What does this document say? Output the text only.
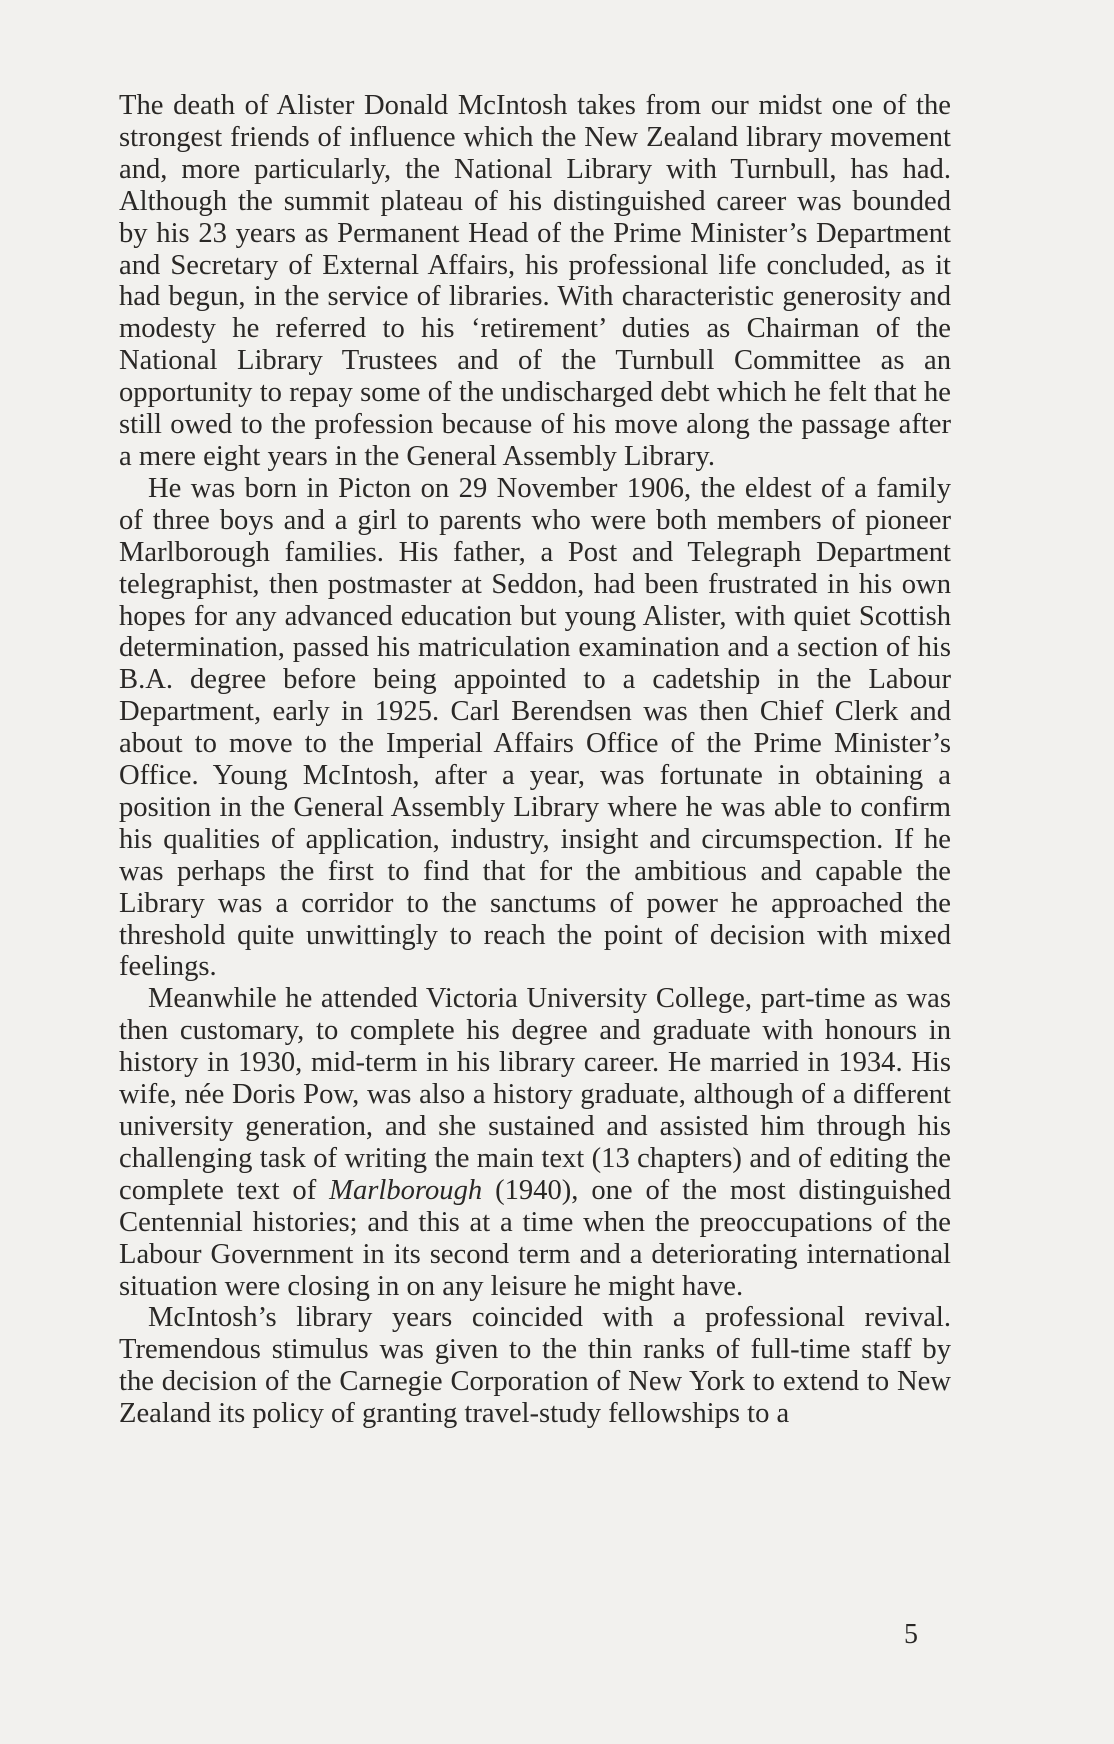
The death of Alister Donald McIntosh takes from our midst one of the strongest friends of influence which the New Zealand library movement and, more particularly, the National Library with Turnbull, has had. Although the summit plateau of his distinguished career was bounded by his 23 years as Permanent Head of the Prime Minister’s Department and Secretary of External Affairs, his professional life concluded, as it had begun, in the service of libraries. With characteristic generosity and modesty he referred to his ‘retirement’ duties as Chairman of the National Library Trustees and of the Turnbull Committee as an opportunity to repay some of the undischarged debt which he felt that he still owed to the profession because of his move along the passage after a mere eight years in the General Assembly Library.

He was born in Picton on 29 November 1906, the eldest of a family of three boys and a girl to parents who were both members of pioneer Marlborough families. His father, a Post and Telegraph Department telegraphist, then postmaster at Seddon, had been frustrated in his own hopes for any advanced education but young Alister, with quiet Scottish determination, passed his matriculation examination and a section of his B.A. degree before being appointed to a cadetship in the Labour Department, early in 1925. Carl Berendsen was then Chief Clerk and about to move to the Imperial Affairs Office of the Prime Minister’s Office. Young McIntosh, after a year, was fortunate in obtaining a position in the General Assembly Library where he was able to confirm his qualities of application, industry, insight and circumspection. If he was perhaps the first to find that for the ambitious and capable the Library was a corridor to the sanctums of power he approached the threshold quite unwittingly to reach the point of decision with mixed feelings.

Meanwhile he attended Victoria University College, part-time as was then customary, to complete his degree and graduate with honours in history in 1930, mid-term in his library career. He married in 1934. His wife, née Doris Pow, was also a history graduate, although of a different university generation, and she sustained and assisted him through his challenging task of writing the main text (13 chapters) and of editing the complete text of Marlborough (1940), one of the most distinguished Centennial histories; and this at a time when the preoccupations of the Labour Government in its second term and a deteriorating international situation were closing in on any leisure he might have.

McIntosh’s library years coincided with a professional revival. Tremendous stimulus was given to the thin ranks of full-time staff by the decision of the Carnegie Corporation of New York to extend to New Zealand its policy of granting travel-study fellowships to a

5
